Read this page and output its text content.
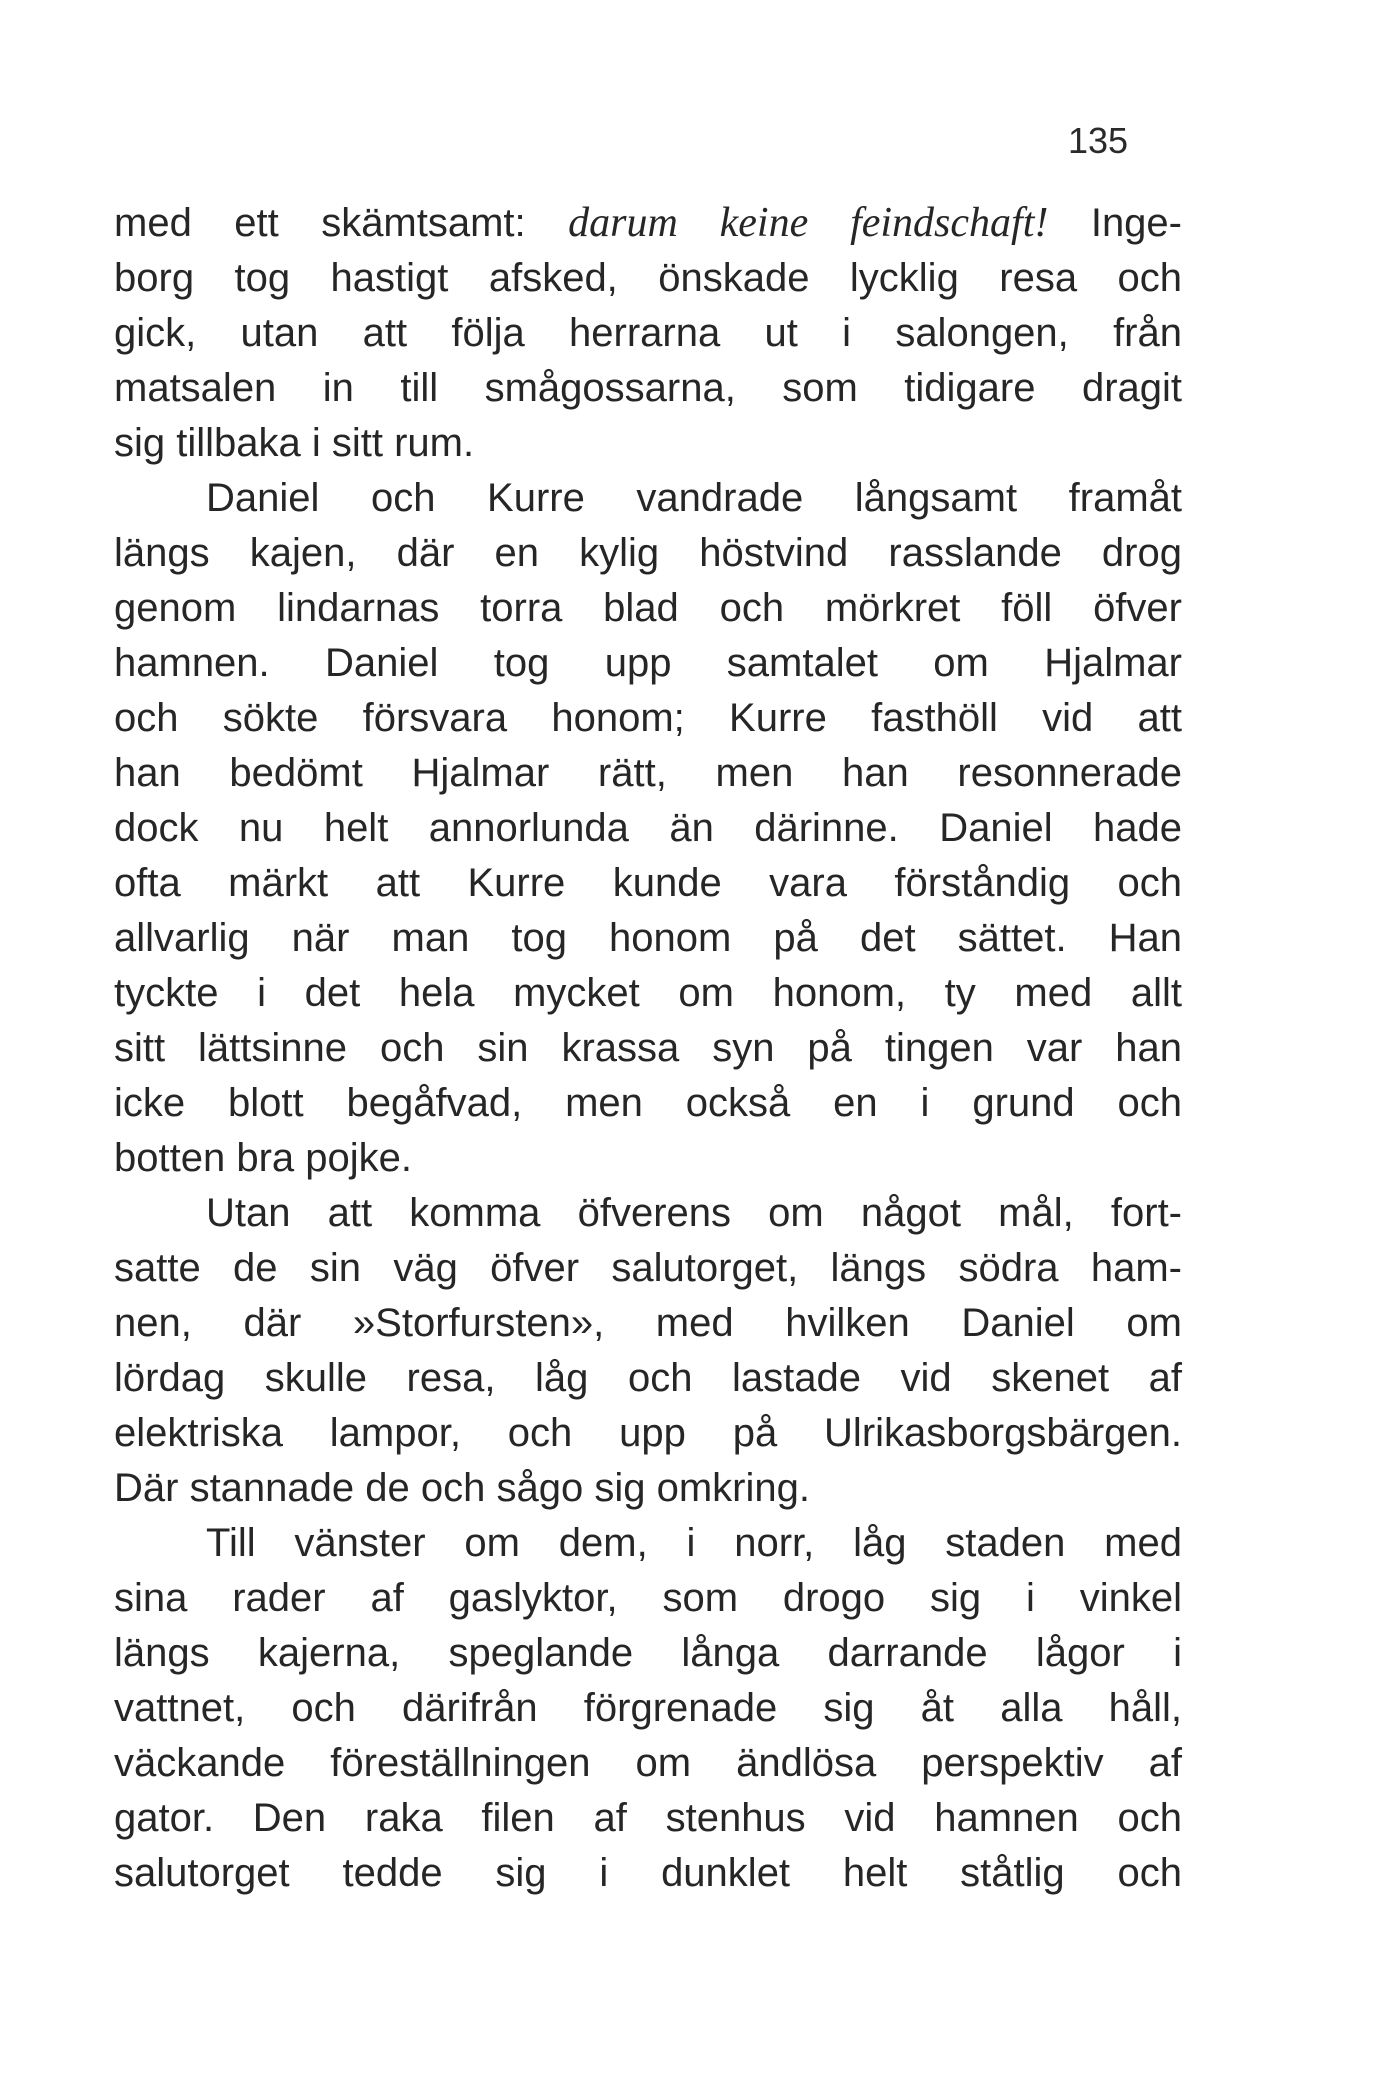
135
med ett skämtsamt: darum keine feindschaft! Inge-
borg tog hastigt afsked, önskade lycklig resa och
gick, utan att följa herrarna ut i salongen, från
matsalen in till smågossarna, som tidigare dragit
sig tillbaka i sitt rum.
Daniel och Kurre vandrade långsamt framåt
längs kajen, där en kylig höstvind rasslande drog
genom lindarnas torra blad och mörkret föll öfver
hamnen. Daniel tog upp samtalet om Hjalmar
och sökte försvara honom; Kurre fasthöll vid att
han bedömt Hjalmar rätt, men han resonnerade
dock nu helt annorlunda än därinne. Daniel hade
ofta märkt att Kurre kunde vara förståndig och
allvarlig när man tog honom på det sättet. Han
tyckte i det hela mycket om honom, ty med allt
sitt lättsinne och sin krassa syn på tingen var han
icke blott begåfvad, men också en i grund och
botten bra pojke.
Utan att komma öfverens om något mål, fort-
satte de sin väg öfver salutorget, längs södra ham-
nen, där »Storfursten», med hvilken Daniel om
lördag skulle resa, låg och lastade vid skenet af
elektriska lampor, och upp på Ulrikasborgsbärgen.
Där stannade de och sågo sig omkring.
Till vänster om dem, i norr, låg staden med
sina rader af gaslyktor, som drogo sig i vinkel
längs kajerna, speglande långa darrande lågor i
vattnet, och därifrån förgrenade sig åt alla håll,
väckande föreställningen om ändlösa perspektiv af
gator. Den raka filen af stenhus vid hamnen och
salutorget tedde sig i dunklet helt ståtlig och
